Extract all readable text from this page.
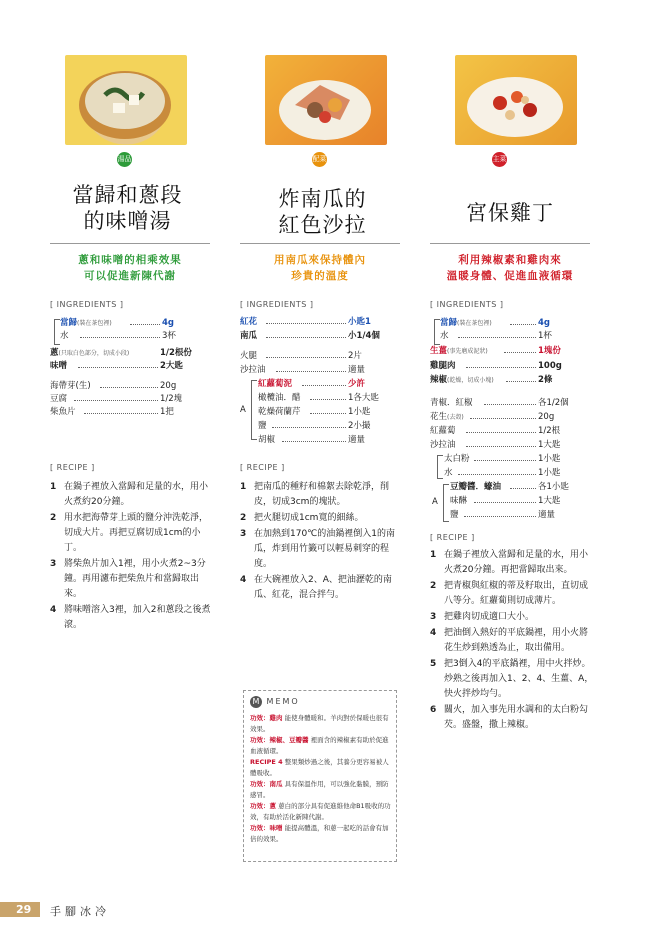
湯品
當歸和蔥段
的味噌湯
蔥和味噌的相乘效果
可以促進新陳代謝
[ INGREDIENTS ]
當歸(裝在茶包裡)	4g
水	3杯
蔥(只取白色部分，切成小段)	1/2根份
味噌	2大匙
海帶芽(生)	20g
豆腐	1/2塊
柴魚片	1把
[ RECIPE ]
1 在鍋子裡放入當歸和足量的水，用小火煮約20分鐘。
2 用水把海帶芽上頭的鹽分沖洗乾淨，切成大片。再把豆腐切成1cm的小丁。
3 將柴魚片加入1裡，用小火煮2~3分鐘。再用濾布把柴魚片和當歸取出來。
4 將味噌溶入3裡，加入2和蔥段之後煮滾。
配菜
炸南瓜的
紅色沙拉
用南瓜來保持體內
珍貴的溫度
[ INGREDIENTS ]
紅花	小匙1
南瓜	小1/4個
火腿	2片
沙拉油	適量
A
紅蘿蔔泥	少許
橄欖油．醋	1各大匙
乾燥荷蘭芹	1小匙
鹽	2小撮
胡椒	適量
[ RECIPE ]
1 把南瓜的種籽和棉絮去除乾淨，削皮，切成3cm的塊狀。
2 把火腿切成1cm寬的細絲。
3 在加熱到170℃的油鍋裡倒入1的南瓜，炸到用竹籤可以輕易刺穿的程度。
4 在大碗裡放入2、A、把油瀝乾的南瓜、紅花，混合拌勻。
M MEMO
功效：雞肉 能使身體暖和。羊肉對於保暖也很有效果。
功效：辣椒、豆瓣醬 裡面含的辣椒素有助於促進血液循環。
RECIPE 4 整果類炒過之後，其養分更容易被人體吸收。
功效：南瓜 具有保溫作用，可以強化黏膜，預防感冒。
功效：蔥 蔥白的部分具有促進維他命B1吸收的功效，有助於活化新陳代謝。
功效：味噌 能提高體溫，和蔥一起吃的話會有加倍的效果。
主菜
宮保雞丁
利用辣椒素和雞肉來
溫暖身體、促進血液循環
[ INGREDIENTS ]
當歸(裝在茶包裡)	4g
水	1杯
生薑(事先磨成泥狀)	1塊份
雞腿肉	100g
辣椒(乾燥，切成小塊)	2條
青椒．紅椒	各1/2個
花生(去殼)	20g
紅蘿蔔	1/2根
沙拉油	1大匙
太白粉	1小匙
水	1小匙
A
豆瓣醬．蠔油	各1小匙
味醂	1大匙
鹽	適量
[ RECIPE ]
1 在鍋子裡放入當歸和足量的水，用小火煮20分鐘。再把當歸取出來。
2 把青椒與紅椒的蒂及籽取出，直切成八等分。紅蘿蔔則切成薄片。
3 把雞肉切成適口大小。
4 把油倒入熱好的平底鍋裡，用小火將花生炒到熟透為止，取出備用。
5 把3倒入4的平底鍋裡，用中火拌炒。炒熟之後再加入1、2、4、生薑、A，快火拌炒均勻。
6 關火，加入事先用水調和的太白粉勾芡。盛盤，撒上辣椒。
29	手腳冰冷
